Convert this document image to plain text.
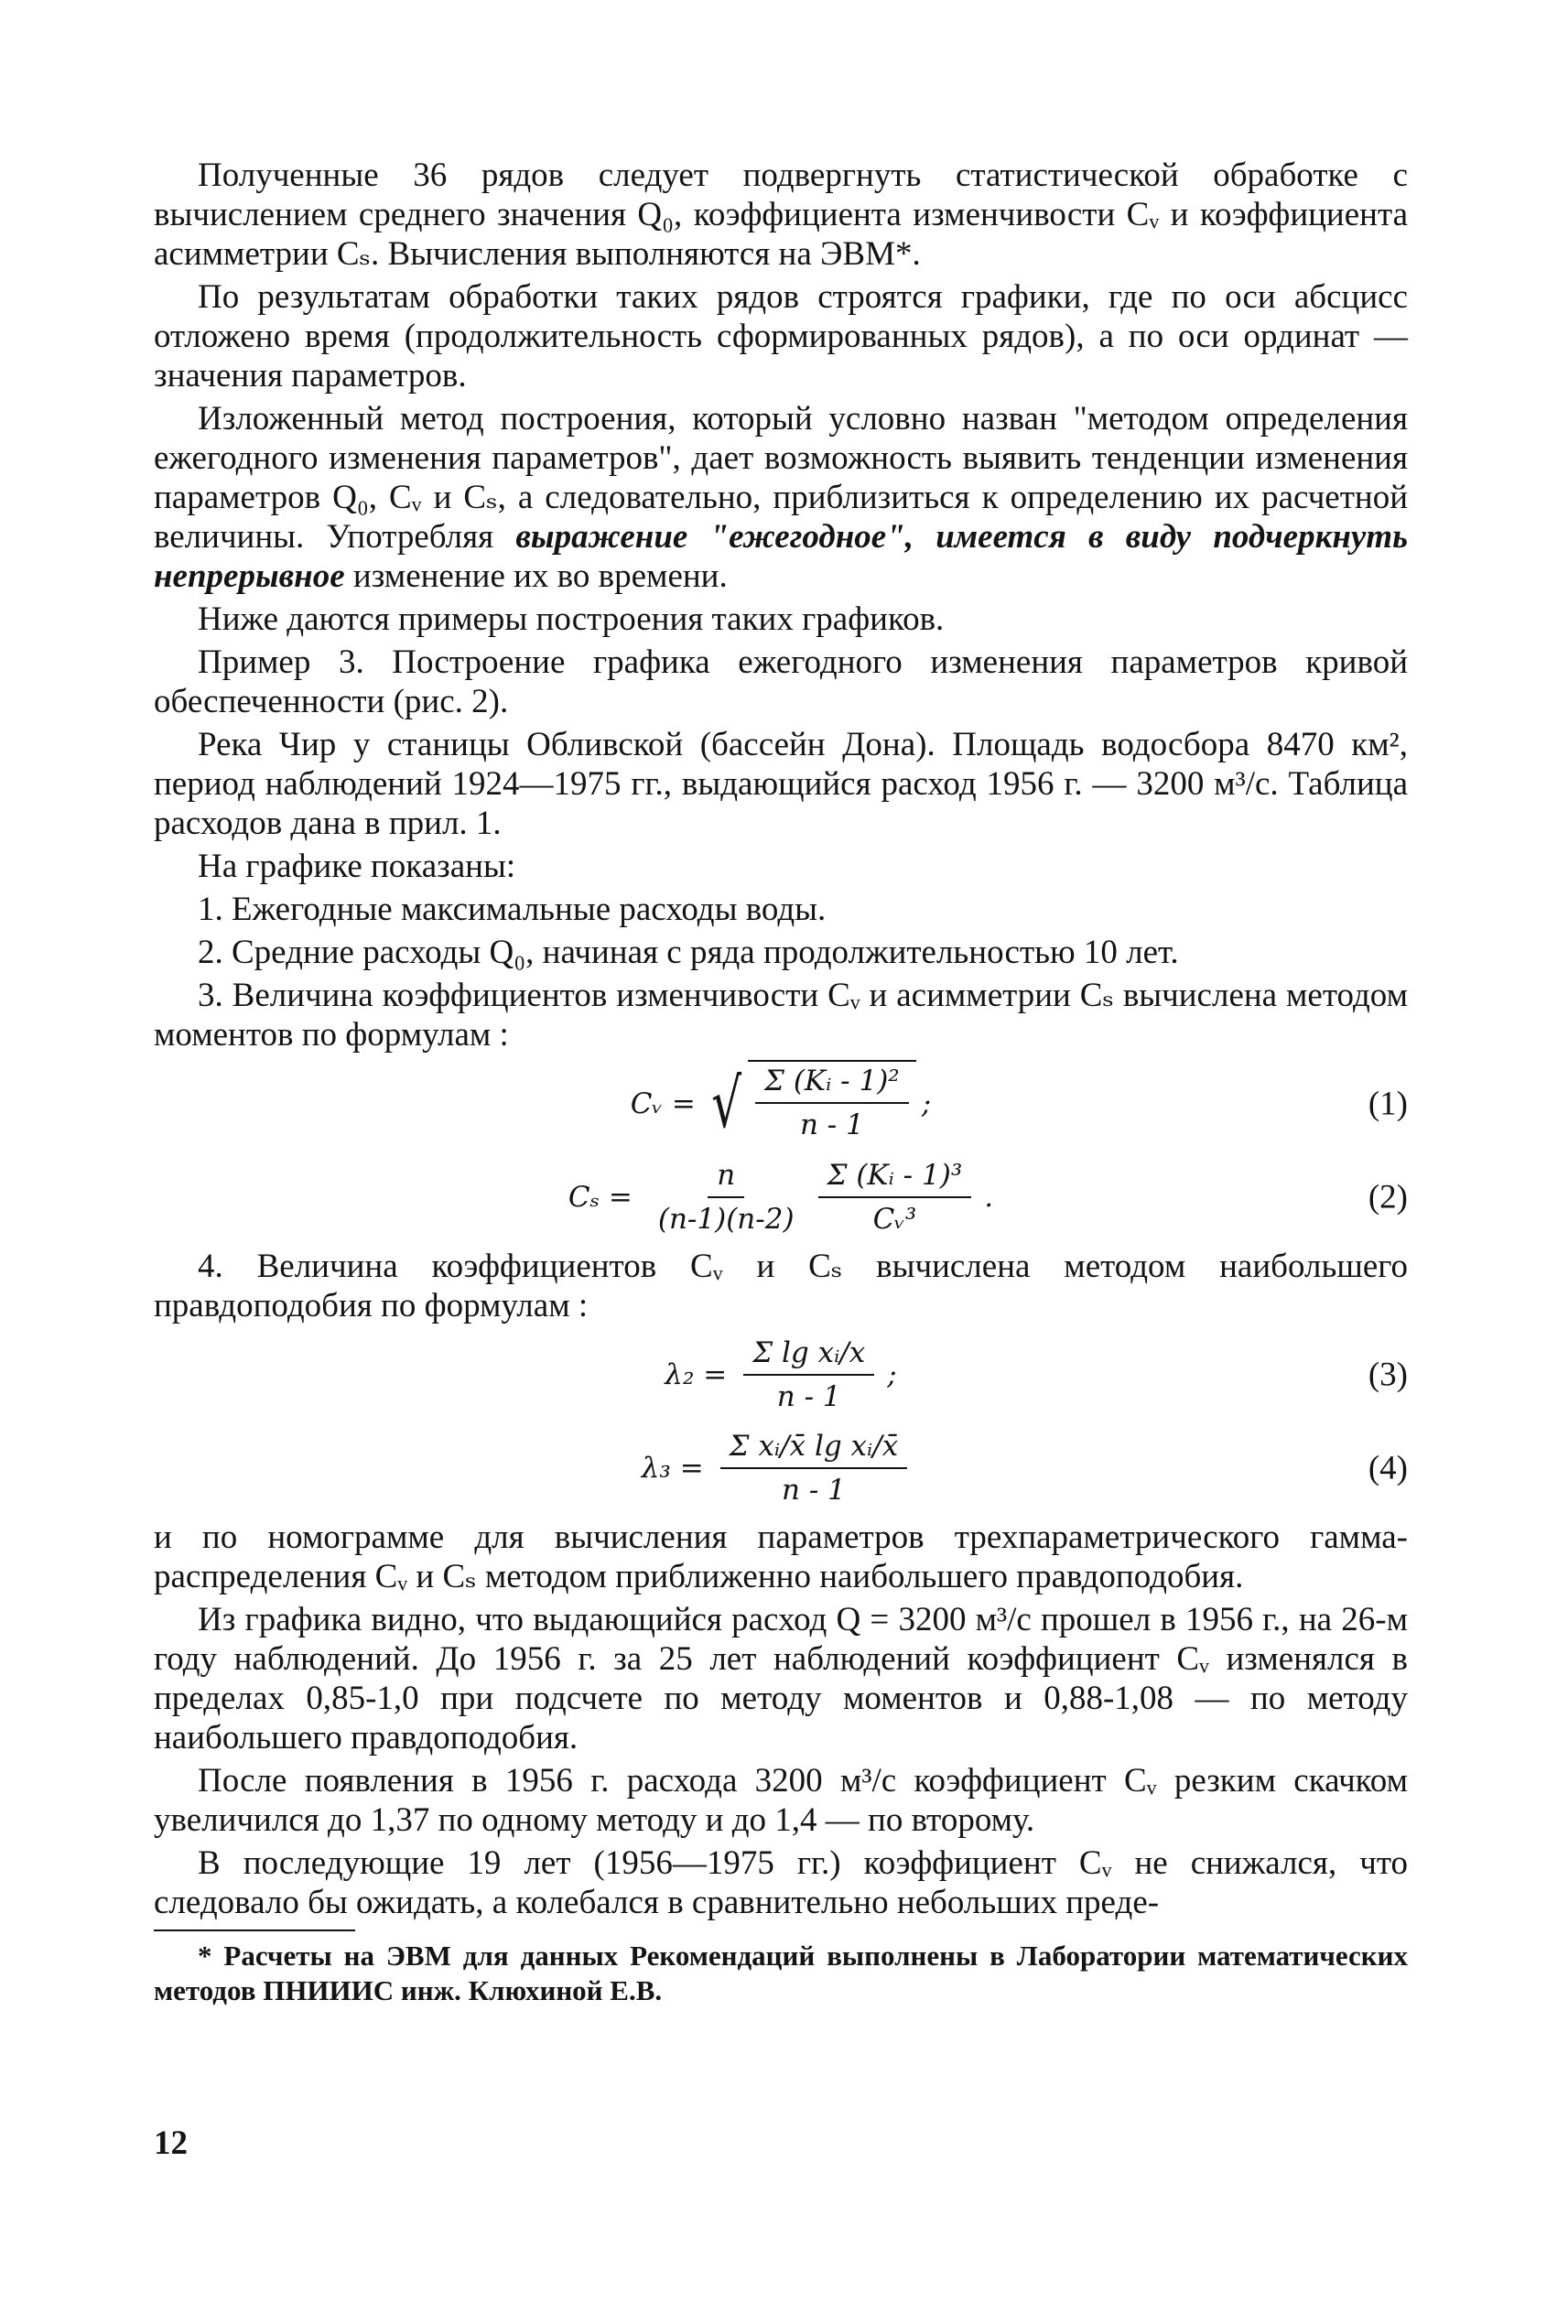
Полученные 36 рядов следует подвергнуть статистической обработке с вычислением среднего значения Q₀, коэффициента изменчивости Cᵥ и коэффициента асимметрии Cₛ. Вычисления выполняются на ЭВМ*.

По результатам обработки таких рядов строятся графики, где по оси абсцисс отложено время (продолжительность сформированных рядов), а по оси ординат — значения параметров.

Изложенный метод построения, который условно назван "методом определения ежегодного изменения параметров", дает возможность выявить тенденции изменения параметров Q₀, Cᵥ и Cₛ, а следовательно, приблизиться к определению их расчетной величины. Употребляя выражение "ежегодное", имеется в виду подчеркнуть непрерывное изменение их во времени.

Ниже даются примеры построения таких графиков.

Пример 3. Построение графика ежегодного изменения параметров кривой обеспеченности (рис. 2).

Река Чир у станицы Обливской (бассейн Дона). Площадь водосбора 8470 км², период наблюдений 1924—1975 гг., выдающийся расход 1956 г. — 3200 м³/с. Таблица расходов дана в прил. 1.

На графике показаны:

1. Ежегодные максимальные расходы воды.

2. Средние расходы Q₀, начиная с ряда продолжительностью 10 лет.

3. Величина коэффициентов изменчивости Cᵥ и асимметрии Cₛ вычислена методом моментов по формулам :

Cᵥ = √ $\frac{\text{Σ (Kᵢ - 1)²}}{n - 1}$ ;	(1)
$C_s = \frac{n}{(n-1)(n-2)} \frac{\text{Σ (Kᵢ - 1)³}}{\text{Cᵥ³}}$ .	(2)

4. Величина коэффициентов Cᵥ и Cₛ вычислена методом наибольшего правдоподобия по формулам :

$\lambda_2 = \frac{\text{Σ lg xᵢ/x}}{n - 1}$ ;	(3)
$\lambda_3 = \frac{\text{Σ xᵢ/x̄ lg xᵢ/x̄}}{n - 1}$	(4)

и по номограмме для вычисления параметров трехпараметрического гамма-распределения Cᵥ и Cₛ методом приближенно наибольшего правдоподобия.

Из графика видно, что выдающийся расход Q = 3200 м³/с прошел в 1956 г., на 26-м году наблюдений. До 1956 г. за 25 лет наблюдений коэффициент Cᵥ изменялся в пределах 0,85-1,0 при подсчете по методу моментов и 0,88-1,08 — по методу наибольшего правдоподобия.

После появления в 1956 г. расхода 3200 м³/с коэффициент Cᵥ резким скачком увеличился до 1,37 по одному методу и до 1,4 — по второму.

В последующие 19 лет (1956—1975 гг.) коэффициент Cᵥ не снижался, что следовало бы ожидать, а колебался в сравнительно небольших преде-

* Расчеты на ЭВМ для данных Рекомендаций выполнены в Лаборатории математических методов ПНИИИС инж. Клюхиной Е.В.

12
